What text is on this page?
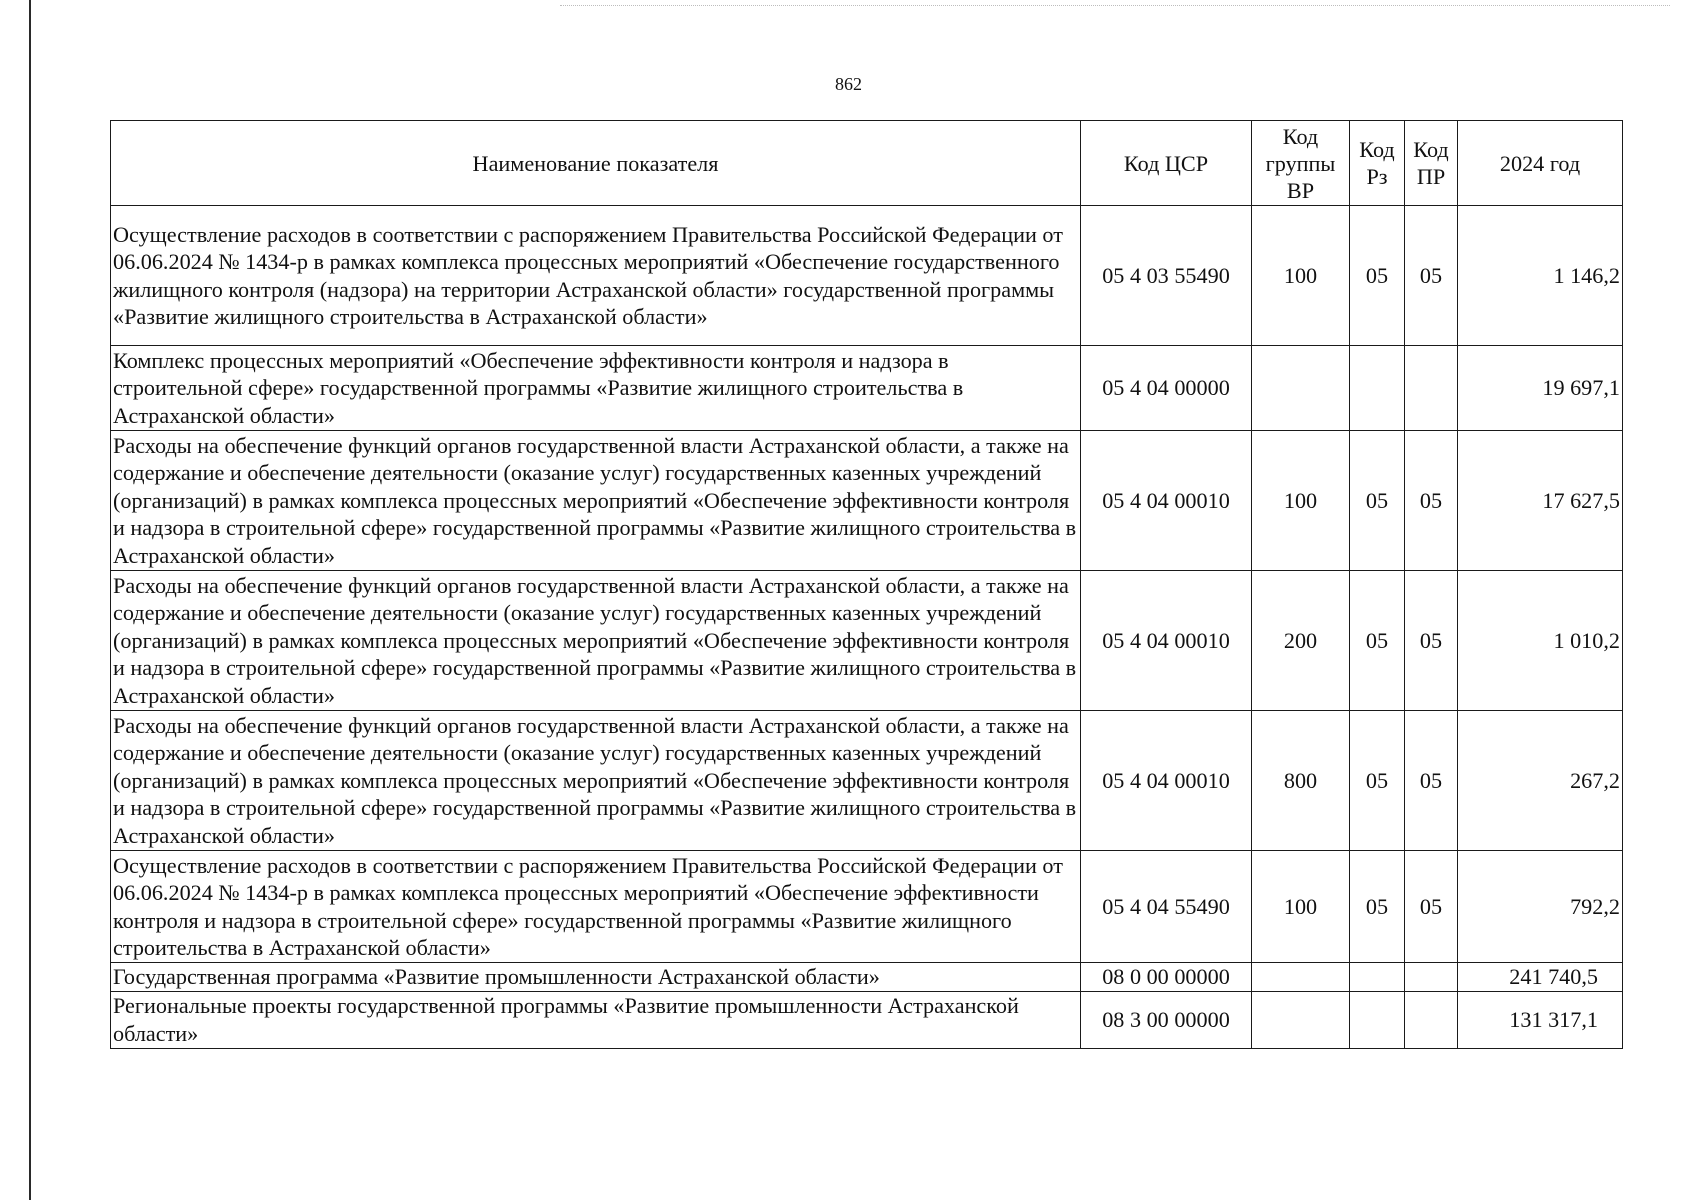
862
Наименование показателя	Код ЦСР	Код группы ВР	Код Рз	Код ПР	2024 год
Осуществление расходов в соответствии с распоряжением Правительства Российской Федерации от 06.06.2024 № 1434-р в рамках комплекса процессных мероприятий «Обеспечение государственного жилищного контроля (надзора) на территории Астраханской области» государственной программы «Развитие жилищного строительства в Астраханской области»	05 4 03 55490	100	05	05	1 146,2
Комплекс процессных мероприятий «Обеспечение эффективности контроля и надзора в строительной сфере» государственной программы «Развитие жилищного строительства в Астраханской области»	05 4 04 00000				19 697,1
Расходы на обеспечение функций органов государственной власти Астраханской области, а также на содержание и обеспечение деятельности (оказание услуг) государственных казенных учреждений (организаций) в рамках комплекса процессных мероприятий «Обеспечение эффективности контроля и надзора в строительной сфере» государственной программы «Развитие жилищного строительства в Астраханской области»	05 4 04 00010	100	05	05	17 627,5
Расходы на обеспечение функций органов государственной власти Астраханской области, а также на содержание и обеспечение деятельности (оказание услуг) государственных казенных учреждений (организаций) в рамках комплекса процессных мероприятий «Обеспечение эффективности контроля и надзора в строительной сфере» государственной программы «Развитие жилищного строительства в Астраханской области»	05 4 04 00010	200	05	05	1 010,2
Расходы на обеспечение функций органов государственной власти Астраханской области, а также на содержание и обеспечение деятельности (оказание услуг) государственных казенных учреждений (организаций) в рамках комплекса процессных мероприятий «Обеспечение эффективности контроля и надзора в строительной сфере» государственной программы «Развитие жилищного строительства в Астраханской области»	05 4 04 00010	800	05	05	267,2
Осуществление расходов в соответствии с распоряжением Правительства Российской Федерации от 06.06.2024 № 1434-р в рамках комплекса процессных мероприятий «Обеспечение эффективности контроля и надзора в строительной сфере» государственной программы «Развитие жилищного строительства в Астраханской области»	05 4 04 55490	100	05	05	792,2
Государственная программа «Развитие промышленности Астраханской области»	08 0 00 00000				241 740,5
Региональные проекты государственной программы «Развитие промышленности Астраханской области»	08 3 00 00000				131 317,1
